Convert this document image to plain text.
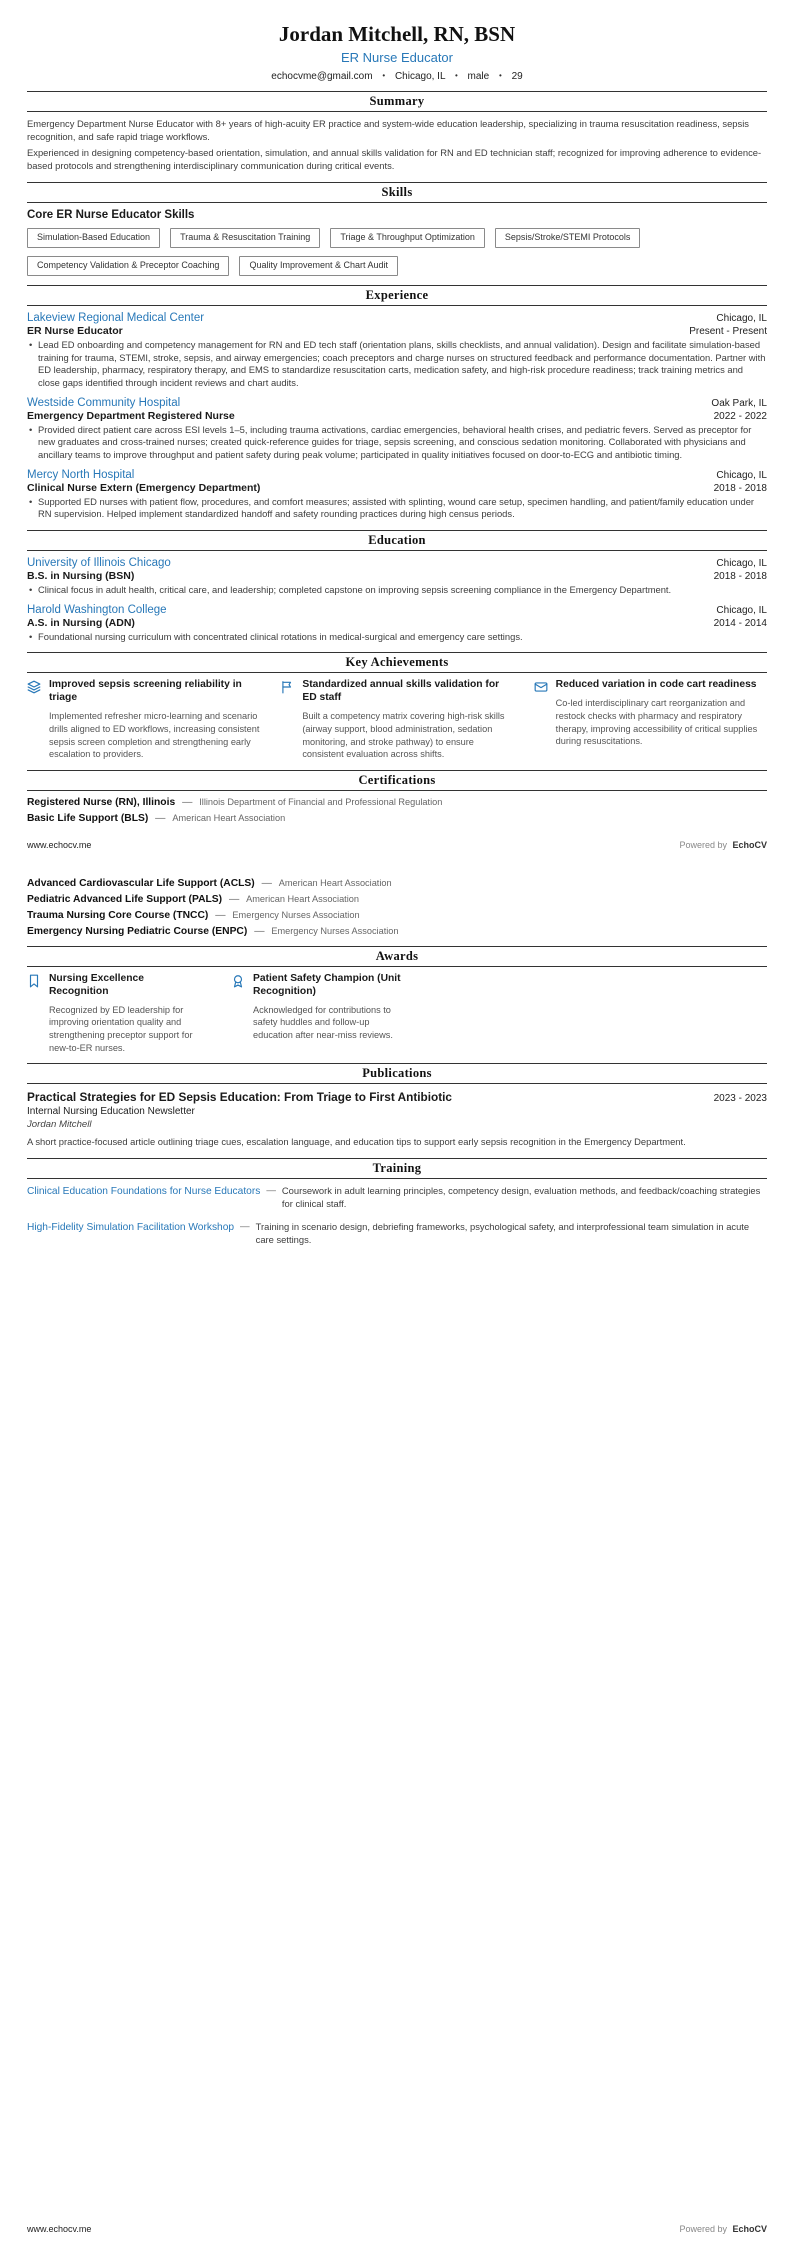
Jordan Mitchell, RN, BSN
ER Nurse Educator
echocvme@gmail.com • Chicago, IL • male • 29
Summary

Emergency Department Nurse Educator with 8+ years of high-acuity ER practice and system-wide education leadership, specializing in trauma resuscitation readiness, sepsis recognition, and safe rapid triage workflows.

Experienced in designing competency-based orientation, simulation, and annual skills validation for RN and ED technician staff; recognized for improving adherence to evidence-based protocols and strengthening interdisciplinary communication during critical events.

Skills
Core ER Nurse Educator Skills
Simulation-Based Education	Trauma & Resuscitation Training	Triage & Throughput Optimization	Sepsis/Stroke/STEMI Protocols
Competency Validation & Preceptor Coaching	Quality Improvement & Chart Audit
Experience
Lakeview Regional Medical Center	Chicago, IL
ER Nurse Educator	Present - Present
• Lead ED onboarding and competency management for RN and ED tech staff (orientation plans, skills checklists, and annual validation). Design and facilitate simulation-based training for trauma, STEMI, stroke, sepsis, and airway emergencies; coach preceptors and charge nurses on structured feedback and performance documentation. Partner with ED leadership, pharmacy, respiratory therapy, and EMS to standardize resuscitation carts, medication safety, and high-risk procedure readiness; track training metrics and close gaps identified through incident reviews and chart audits.
Westside Community Hospital	Oak Park, IL
Emergency Department Registered Nurse	2022 - 2022
• Provided direct patient care across ESI levels 1–5, including trauma activations, cardiac emergencies, behavioral health crises, and pediatric fevers. Served as preceptor for new graduates and cross-trained nurses; created quick-reference guides for triage, sepsis screening, and conscious sedation monitoring. Collaborated with physicians and ancillary teams to improve throughput and patient safety during peak volume; participated in quality initiatives focused on door-to-ECG and antibiotic timing.
Mercy North Hospital	Chicago, IL
Clinical Nurse Extern (Emergency Department)	2018 - 2018
• Supported ED nurses with patient flow, procedures, and comfort measures; assisted with splinting, wound care setup, specimen handling, and patient/family education under RN supervision. Helped implement standardized handoff and safety rounding practices during high census periods.
Education
University of Illinois Chicago	Chicago, IL
B.S. in Nursing (BSN)	2018 - 2018
• Clinical focus in adult health, critical care, and leadership; completed capstone on improving sepsis screening compliance in the Emergency Department.
Harold Washington College	Chicago, IL
A.S. in Nursing (ADN)	2014 - 2014
• Foundational nursing curriculum with concentrated clinical rotations in medical-surgical and emergency care settings.
Key Achievements
Improved sepsis screening reliability in triage
Implemented refresher micro-learning and scenario drills aligned to ED workflows, increasing consistent sepsis screen completion and strengthening early escalation to providers.
Standardized annual skills validation for ED staff
Built a competency matrix covering high-risk skills (airway support, blood administration, sedation monitoring, and stroke pathway) to ensure consistent evaluation across shifts.
Reduced variation in code cart readiness
Co-led interdisciplinary cart reorganization and restock checks with pharmacy and respiratory therapy, improving accessibility of critical supplies during resuscitations.
Certifications
Registered Nurse (RN), Illinois — Illinois Department of Financial and Professional Regulation
Basic Life Support (BLS) — American Heart Association
www.echocv.me	Powered by EchoCV
Advanced Cardiovascular Life Support (ACLS) — American Heart Association
Pediatric Advanced Life Support (PALS) — American Heart Association
Trauma Nursing Core Course (TNCC) — Emergency Nurses Association
Emergency Nursing Pediatric Course (ENPC) — Emergency Nurses Association
Awards
Nursing Excellence Recognition
Recognized by ED leadership for improving orientation quality and strengthening preceptor support for new-to-ER nurses.
Patient Safety Champion (Unit Recognition)
Acknowledged for contributions to safety huddles and follow-up education after near-miss reviews.
Publications
Practical Strategies for ED Sepsis Education: From Triage to First Antibiotic	2023 - 2023
Internal Nursing Education Newsletter
Jordan Mitchell

A short practice-focused article outlining triage cues, escalation language, and education tips to support early sepsis recognition in the Emergency Department.

Training
Clinical Education Foundations for Nurse Educators — Coursework in adult learning principles, competency design, evaluation methods, and feedback/coaching strategies for clinical staff.
High-Fidelity Simulation Facilitation Workshop — Training in scenario design, debriefing frameworks, psychological safety, and interprofessional team simulation in acute care settings.
www.echocv.me	Powered by EchoCV
